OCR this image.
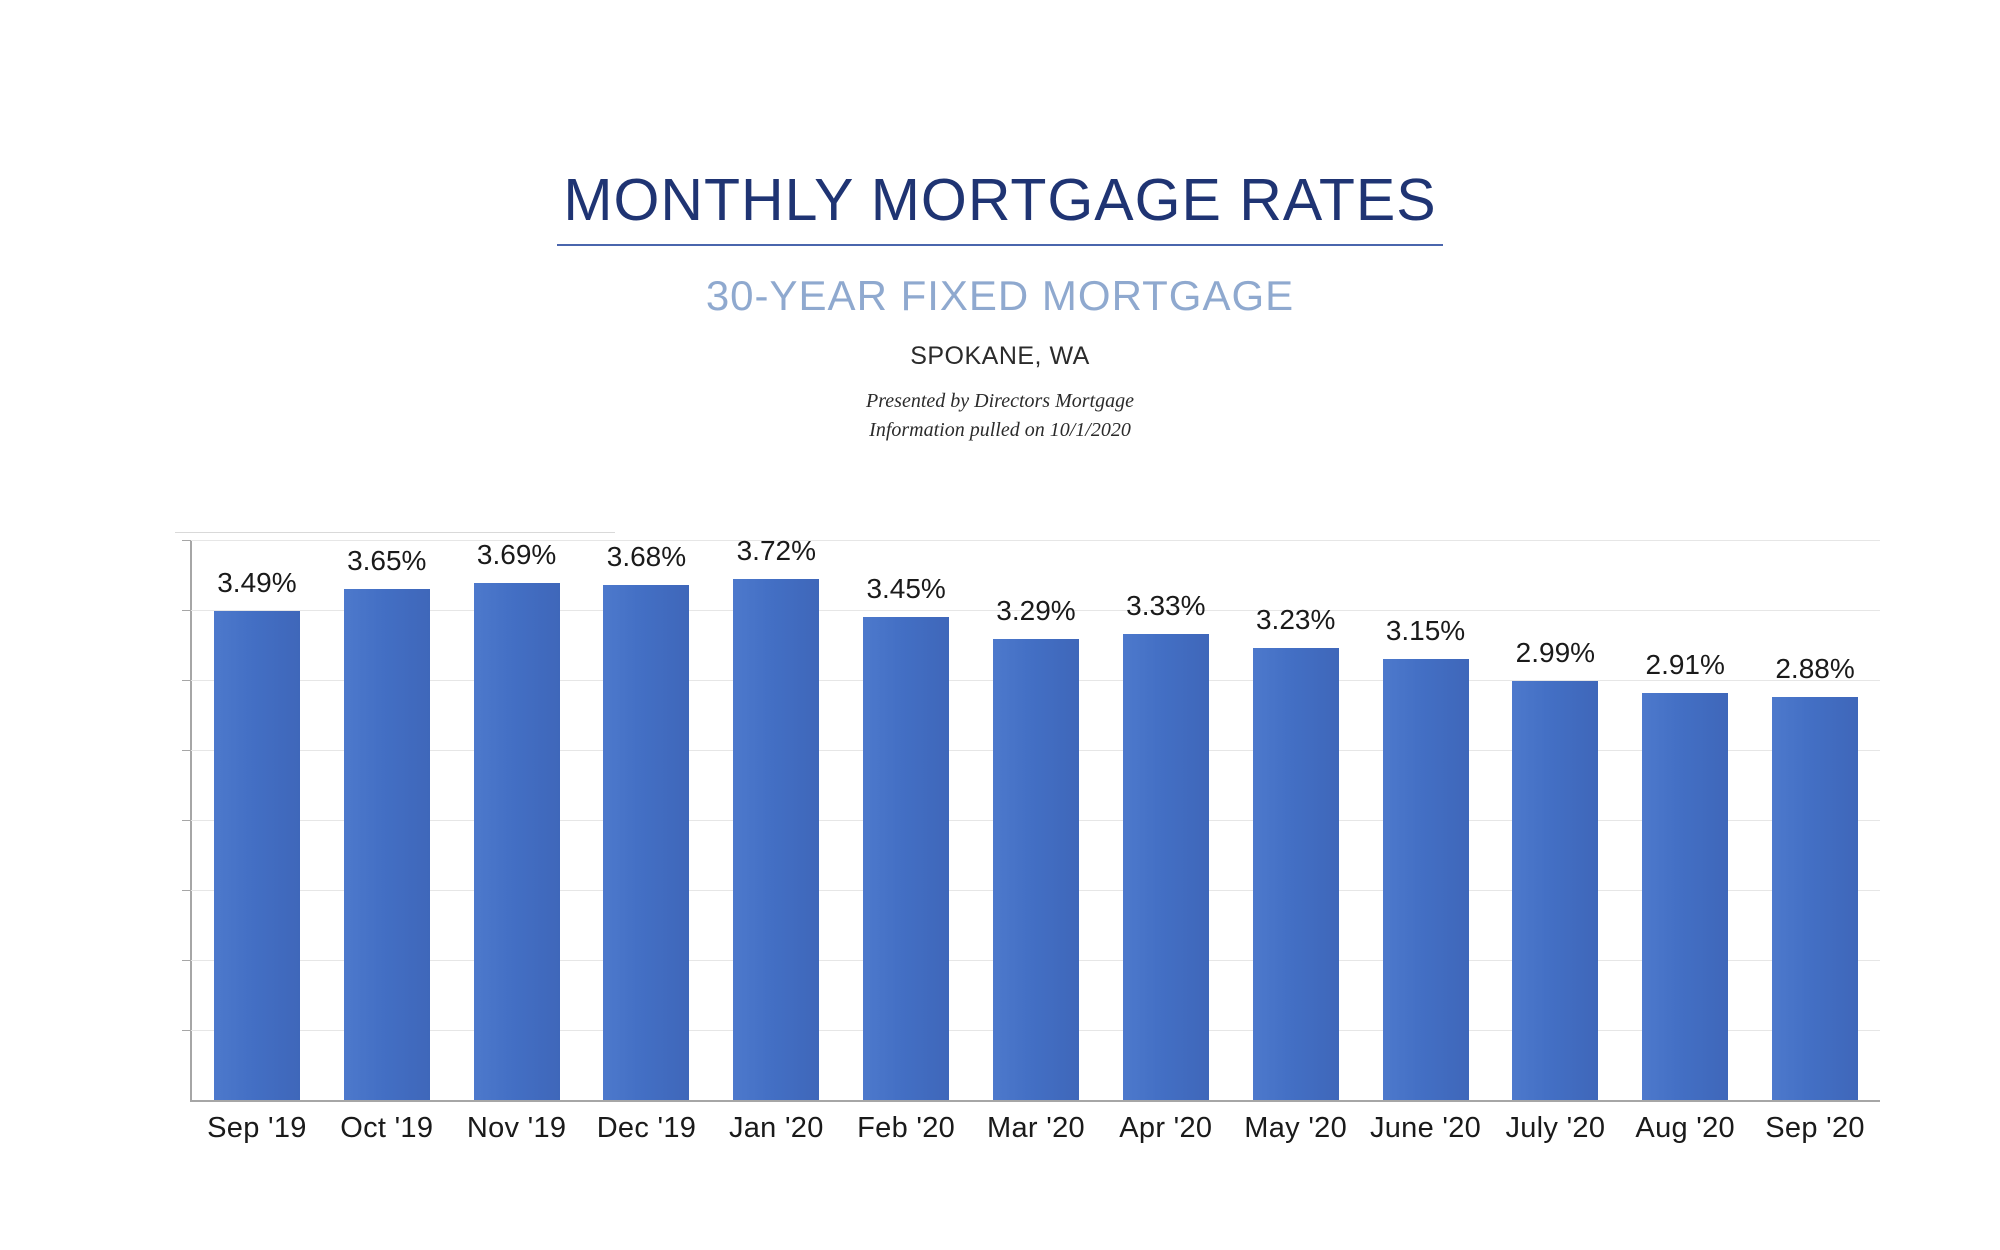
MONTHLY MORTGAGE RATES
30-YEAR FIXED MORTGAGE
SPOKANE, WA
Presented by Directors Mortgage
Information pulled on 10/1/2020
3.49%
3.65%	3.69%	3.68%	3.72%
3.45%
3.29%	3.33%	3.23%	3.15%
2.99%	2.91%	2.88%
Sep '19	Oct '19	Nov '19	Dec '19	Jan '20	Feb '20	Mar '20	Apr '20	May '20 June '20 July '20	Aug '20	Sep '20
